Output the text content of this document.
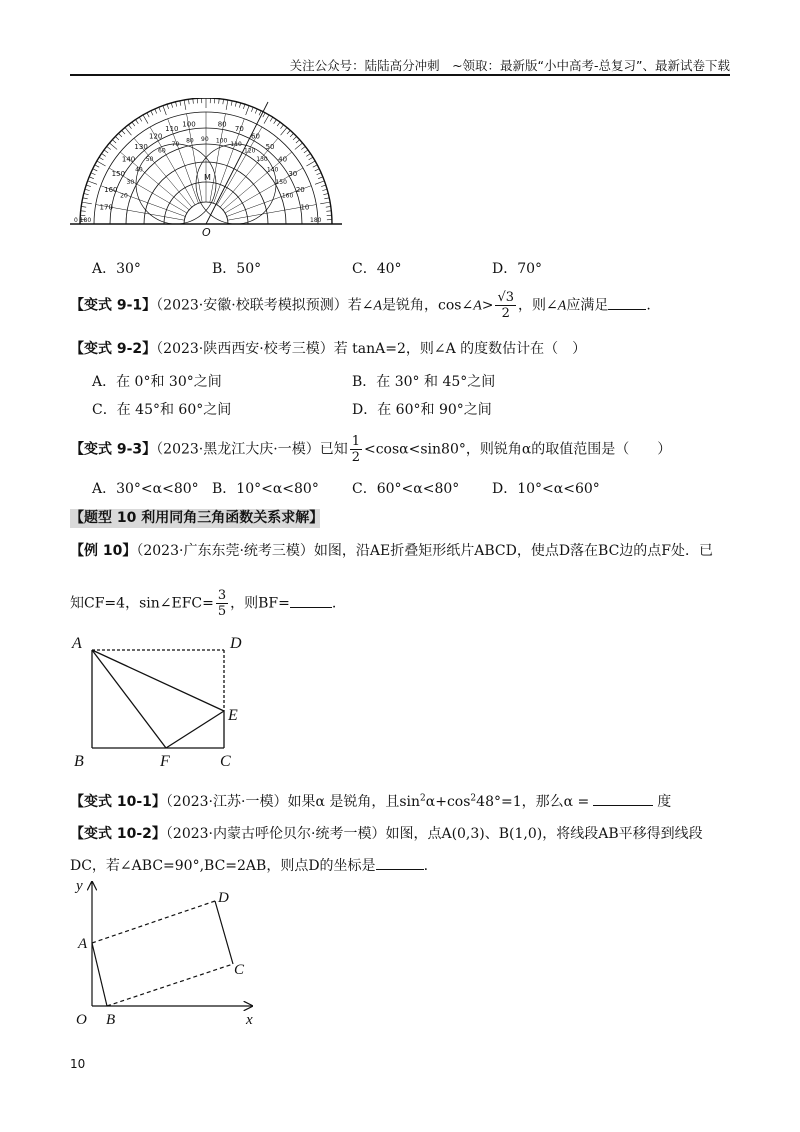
关注公众号：陆陆高分冲刺　~领取：最新版“小中高考-总复习”、最新试卷下载
100
110
120
130
140
150
160
170
80
70
60
50
40
30
20
10
90
80
70
60
50
40
30
20
100
110
120
130
140
150
160
0 180	180
O
M
A．30°	B．50°	C．40°	D．70°
【变式 9-1】（2023·安徽·校联考模拟预测）若∠A是锐角，cos∠A> $\frac{√3}{2}$ ，则∠A应满足	.
【变式 9-2】（2023·陕西西安·校考三模）若 tanA=2，则∠A 的度数估计在（　）
A．在 0°和 30°之间	B．在 30° 和 45°之间
C．在 45°和 60°之间	D．在 60°和 90°之间
【变式 9-3】（2023·黑龙江大庆·一模）已知 $\frac{1}{2} <\cos\alpha<\sin 80^\circ$，则锐角α的取值范围是（　　）
A．30°<α<80° B．10°<α<80° C．60°<α<80° D．10°<α<60°
【题型 10 利用同角三角函数关系求解】
【例 10】（2023·广东东莞·统考三模）如图，沿AE折叠矩形纸片ABCD，使点D落在BC边的点F处．已
知CF=4，sin∠EFC= $\frac{3}{5}$ ，则BF=	.
A	D
E
B	F	C
【变式 10-1】（2023·江苏·一模）如果α 是锐角，且$\sin^2\alpha+\cos^248^\circ=1$，那么α =	度
【变式 10-2】（2023·内蒙古呼伦贝尔·统考一模）如图，点A(0,3)、B(1,0)，将线段AB平移得到线段
DC，若∠ABC=90°,BC=2AB，则点D的坐标是	.
y
x
O
A
B
C
D
10
